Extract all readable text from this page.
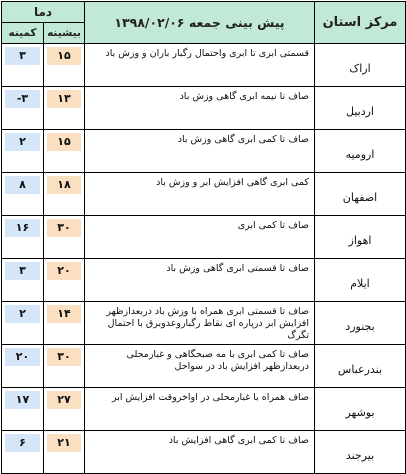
مرکز استان	پیش بینی جمعه ۱۳۹۸/۰۲/۰۶	دما	
		بیشینه	کمینه
اراک	قسمتی ابری تا ابری واحتمال رگبار باران و وزش باد	۱۵	۳

اردبیل	صاف تا نیمه ابری گاهی وزش باد	۱۳	-۳

ارومیه	صاف تا کمی ابری گاهی وزش باد	۱۵	۲

اصفهان	کمی ابری گاهی افزایش ابر و وزش باد	۱۸	۸

اهواز	صاف تا کمی ابری	۳۰	۱۶

ایلام	صاف تا قسمتی ابری گاهی وزش باد	۲۰	۳

بجنورد	صاف تا قسمتی ابری همراه با وزش باد دربعدازظهر افزایش ابر درپاره ای نقاط رگباروعدوبرق با احتمال تگرگ	۱۴	۲

بندرعباس	صاف تا کمی ابری با مه صبحگاهی و غبارمحلی دربعدازظهر افزایش باد در سواحل	۳۰	۲۰

بوشهر	صاف همراه با غبارمحلی در اواخروقت افزایش ابر	۲۷	۱۷

بیرجند	صاف تا کمی ابری گاهی افزایش باد	۲۱	۶
